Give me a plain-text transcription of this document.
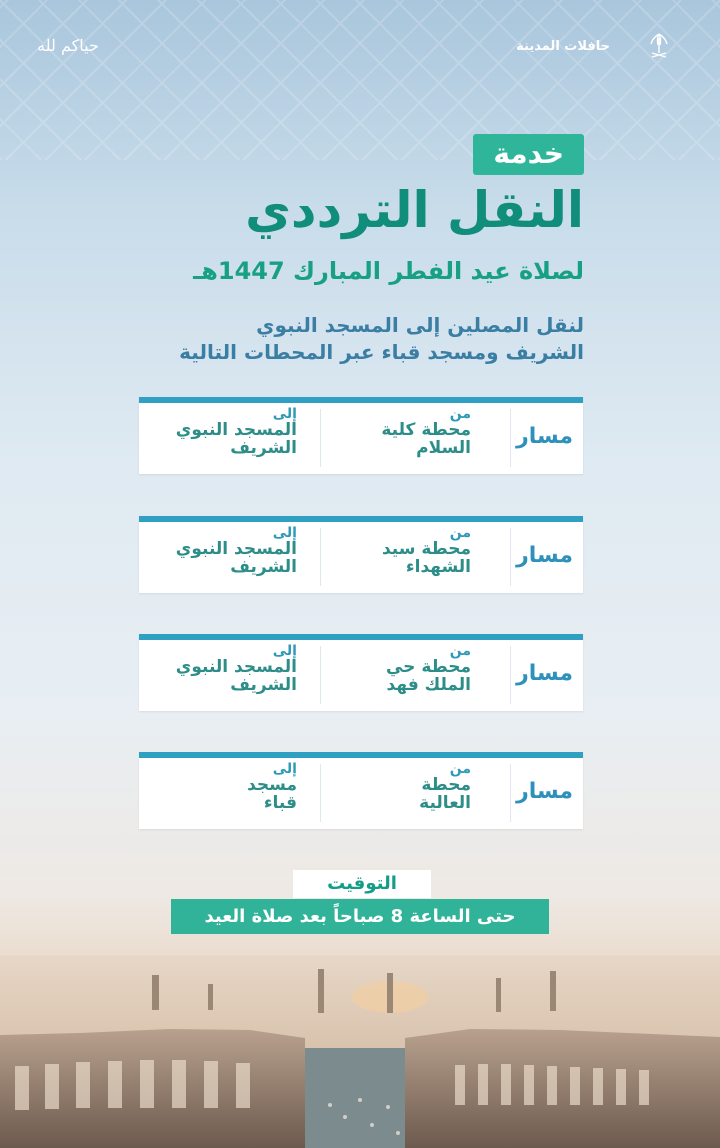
حياكم لله	حافلات المدينة
خدمة
النقل الترددي
لصلاة عيد الفطر المبارك 1447هـ
لنقل المصلين إلى المسجد النبوي
الشريف ومسجد قباء عبر المحطات التالية
مسار
من
محطة كلية
السلام
إلى
المسجد النبوي
الشريف
مسار
من
محطة سيد
الشهداء
إلى
المسجد النبوي
الشريف
مسار
من
محطة حي
الملك فهد
إلى
المسجد النبوي
الشريف
مسار
من
محطة
العالية
إلى
مسجد
قباء
التوقيت
حتى الساعة 8 صباحاً بعد صلاة العيد
